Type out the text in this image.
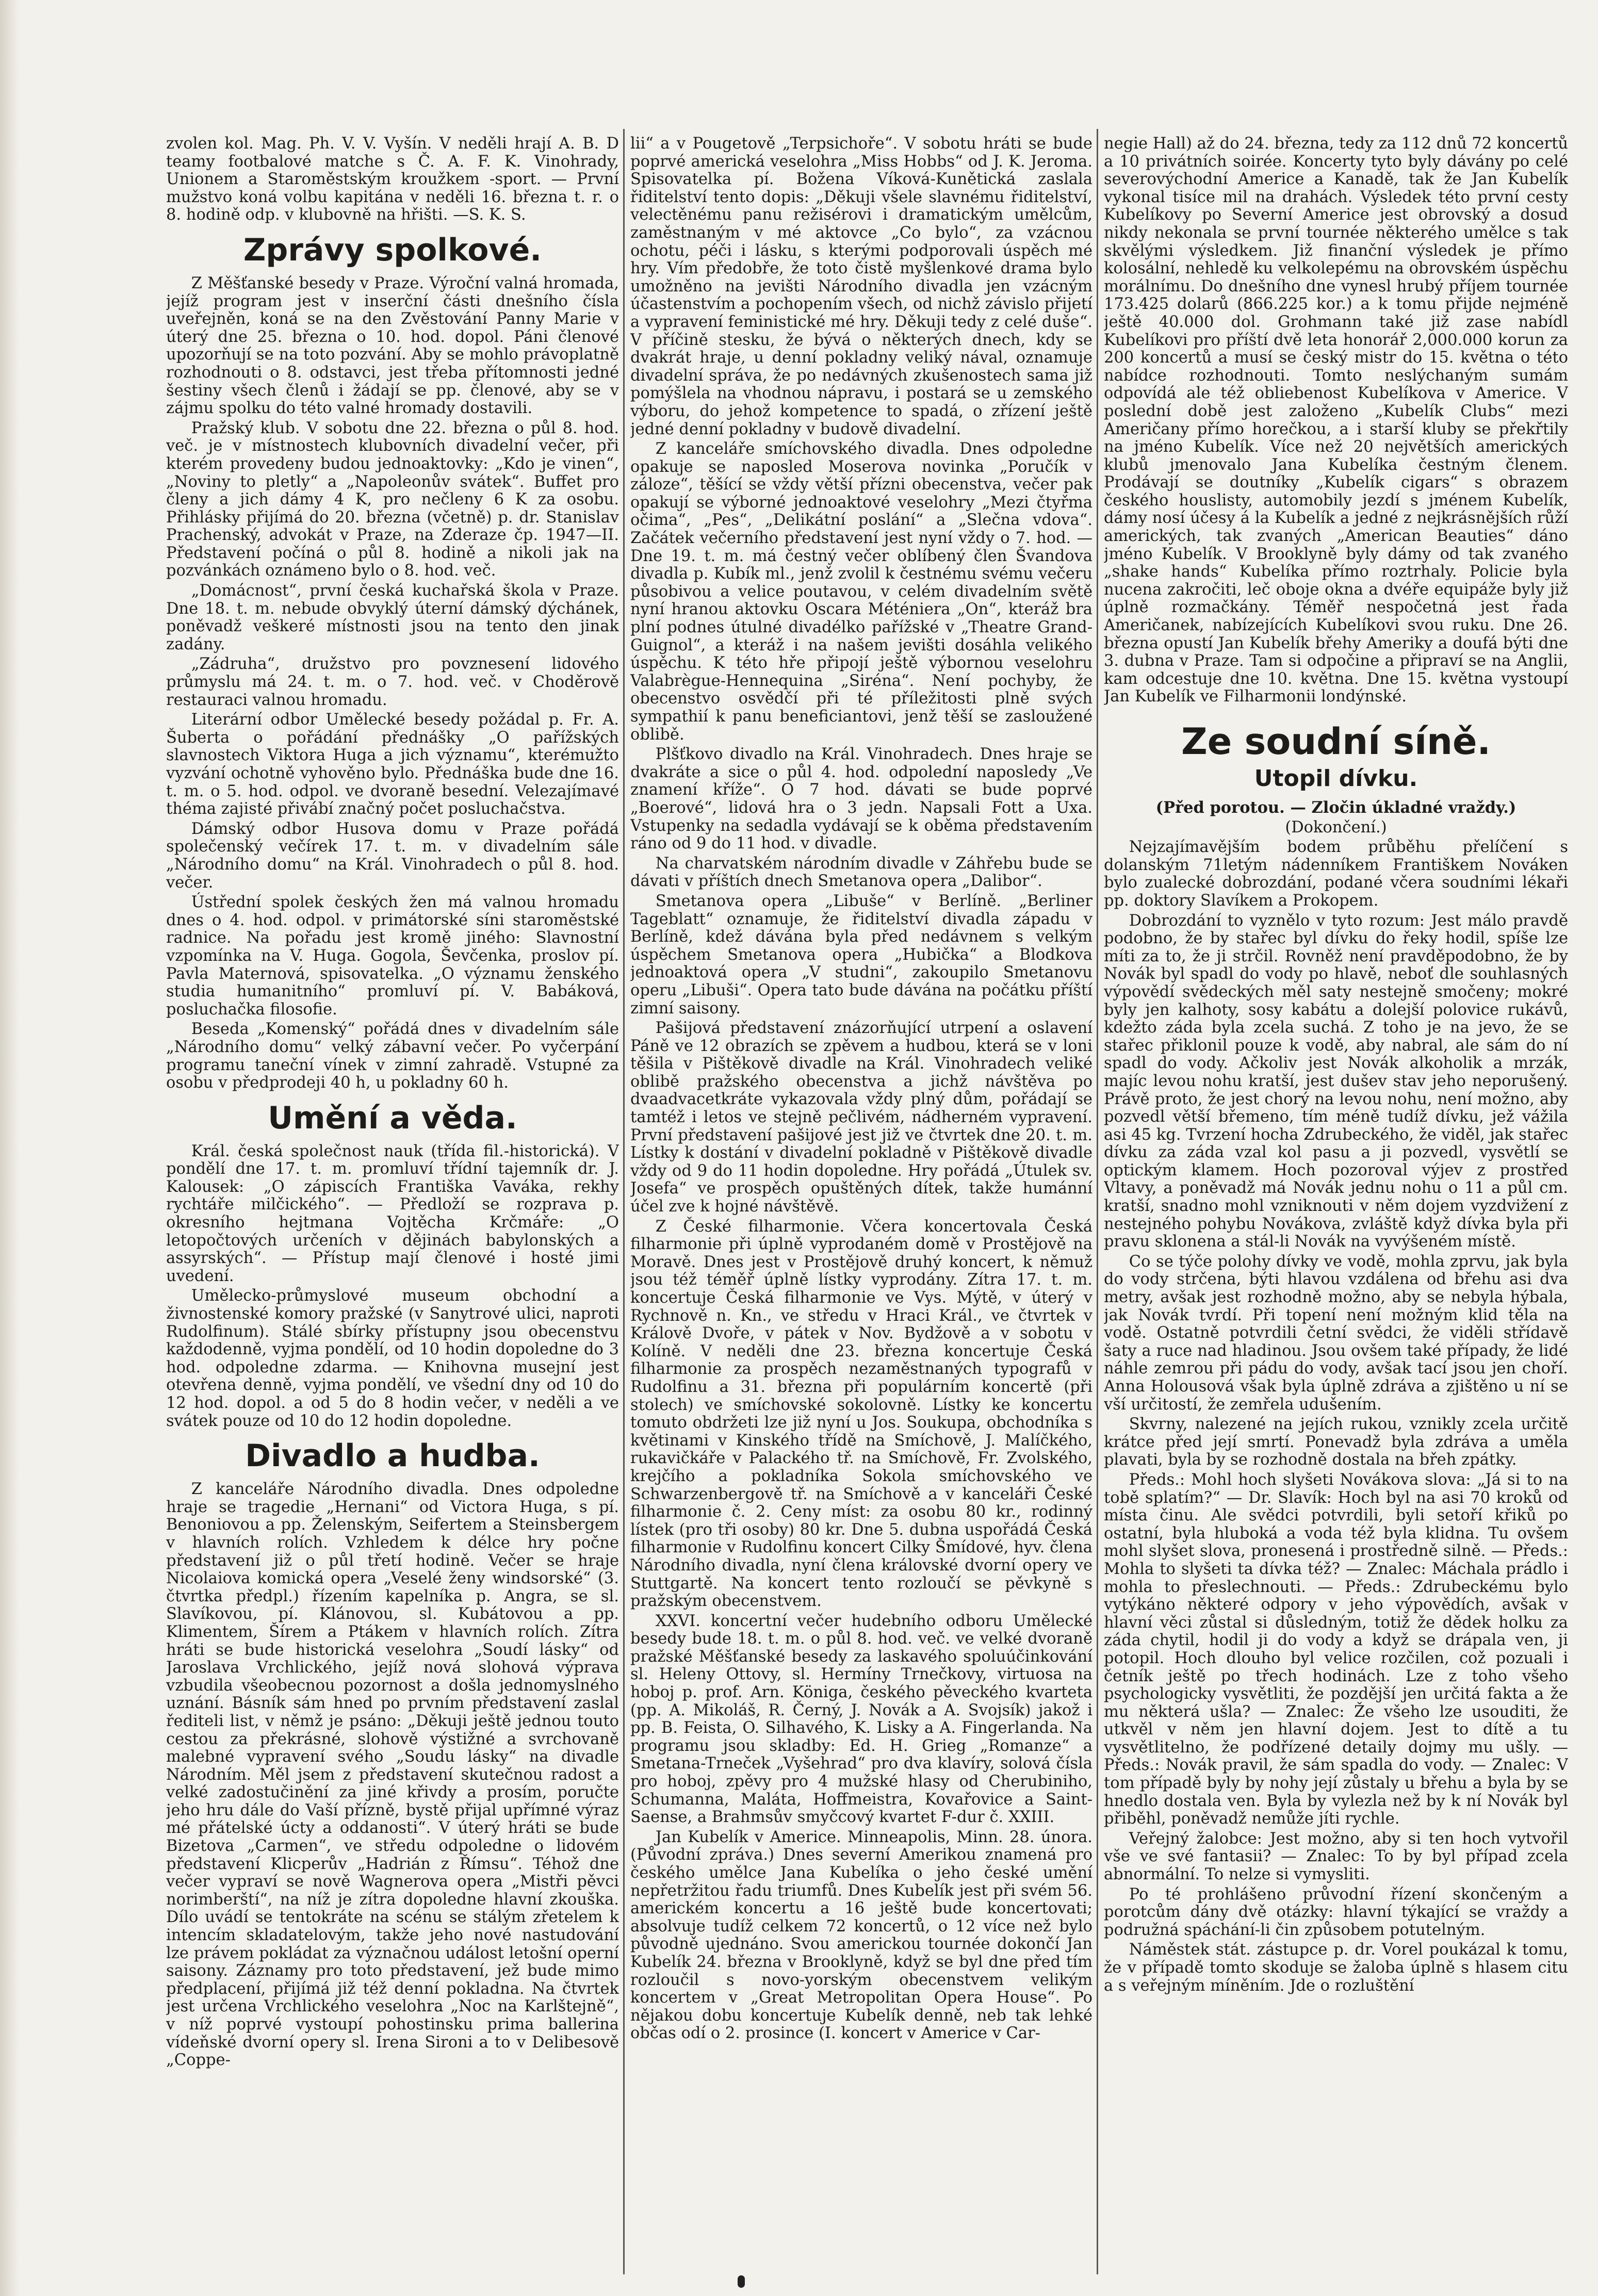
zvolen kol. Mag. Ph. V. V. Vyšín. V neděli hrají A. B. D teamy footbalové matche s Č. A. F. K. Vinohrady, Unionem a Staroměstským kroužkem -sport. — První mužstvo koná volbu kapitána v neděli 16. března t. r. o 8. hodině odp. v klubovně na hřišti. —S. K. S.

Zprávy spolkové.

Z Měšťanské besedy v Praze. Výroční valná hromada, jejíž program jest v inserční části dnešního čísla uveřejněn, koná se na den Zvěstování Panny Marie v úterý dne 25. března o 10. hod. dopol. Páni členové upozorňují se na toto pozvání. Aby se mohlo právoplatně rozhodnouti o 8. odstavci, jest třeba přítomnosti jedné šestiny všech členů i žádají se pp. členové, aby se v zájmu spolku do této valné hromady dostavili.

Pražský klub. V sobotu dne 22. března o půl 8. hod. več. je v místnostech klubovních divadelní večer, při kterém provedeny budou jednoaktovky: „Kdo je vinen“, „Noviny to pletly“ a „Napoleonův svátek“. Buffet pro členy a jich dámy 4 K, pro nečleny 6 K za osobu. Přihlásky přijímá do 20. března (včetně) p. dr. Stanislav Prachenský, advokát v Praze, na Zderaze čp. 1947—II. Představení počíná o půl 8. hodině a nikoli jak na pozvánkách oznámeno bylo o 8. hod. več.

„Domácnost“, první česká kuchařská škola v Praze. Dne 18. t. m. nebude obvyklý úterní dámský dýchánek, poněvadž veškeré místnosti jsou na tento den jinak zadány.

„Zádruha“, družstvo pro povznesení lidového průmyslu má 24. t. m. o 7. hod. več. v Choděrově restauraci valnou hromadu.

Literární odbor Umělecké besedy požádal p. Fr. A. Šuberta o pořádání přednášky „O pařížských slavnostech Viktora Huga a jich významu“, kterémužto vyzvání ochotně vyhověno bylo. Přednáška bude dne 16. t. m. o 5. hod. odpol. ve dvoraně besední. Velezajímavé théma zajisté přivábí značný počet posluchačstva.

Dámský odbor Husova domu v Praze pořádá společenský večírek 17. t. m. v divadelním sále „Národního domu“ na Král. Vinohradech o půl 8. hod. večer.

Ústřední spolek českých žen má valnou hromadu dnes o 4. hod. odpol. v primátorské síni staroměstské radnice. Na pořadu jest kromě jiného: Slavnostní vzpomínka na V. Huga. Gogola, Ševčenka, proslov pí. Pavla Maternová, spisovatelka. „O významu ženského studia humanitního“ promluví pí. V. Babáková, posluchačka filosofie.

Beseda „Komenský“ pořádá dnes v divadelním sále „Národního domu“ velký zábavní večer. Po vyčerpání programu taneční vínek v zimní zahradě. Vstupné za osobu v předprodeji 40 h, u pokladny 60 h.

Umění a věda.

Král. česká společnost nauk (třída fil.-historická). V pondělí dne 17. t. m. promluví třídní tajemník dr. J. Kalousek: „O zápiscích Františka Vaváka, rekhy rychtáře milčického“. — Předloží se rozprava p. okresního hejtmana Vojtěcha Krčmáře: „O letopočtových určeních v dějinách babylonských a assyrských“. — Přístup mají členové i hosté jimi uvedení.

Umělecko-průmyslové museum obchodní a živnostenské komory pražské (v Sanytrové ulici, naproti Rudolfinum). Stálé sbírky přístupny jsou obecenstvu každodenně, vyjma pondělí, od 10 hodin dopoledne do 3 hod. odpoledne zdarma. — Knihovna musejní jest otevřena denně, vyjma pondělí, ve všední dny od 10 do 12 hod. dopol. a od 5 do 8 hodin večer, v neděli a ve svátek pouze od 10 do 12 hodin dopoledne.

Divadlo a hudba.

Z kanceláře Národního divadla. Dnes odpoledne hraje se tragedie „Hernani“ od Victora Huga, s pí. Benoniovou a pp. Želenským, Seifertem a Steinsbergem v hlavních rolích. Vzhledem k délce hry počne představení již o půl třetí hodině. Večer se hraje Nicolaiova komická opera „Veselé ženy windsorské“ (3. čtvrtka předpl.) řízením kapelníka p. Angra, se sl. Slavíkovou, pí. Klánovou, sl. Kubátovou a pp. Klimentem, Šírem a Ptákem v hlavních rolích. Zítra hráti se bude historická veselohra „Soudí lásky“ od Jaroslava Vrchlického, jejíž nová slohová výprava vzbudila všeobecnou pozornost a došla jednomyslného uznání. Básník sám hned po prvním představení zaslal řediteli list, v němž je psáno: „Děkuji ještě jednou touto cestou za překrásné, slohově výstižné a svrchovaně malebné vypravení svého „Soudu lásky“ na divadle Národním. Měl jsem z představení skutečnou radost a velké zadostučinění za jiné křivdy a prosím, poručte jeho hru dále do Vaší přízně, bystě přijal upřímné výraz mé přátelské úcty a oddanosti“. V úterý hráti se bude Bizetova „Carmen“, ve středu odpoledne o lidovém představení Klicperův „Hadrián z Římsu“. Téhož dne večer vypraví se nově Wagnerova opera „Mistři pěvci norimberští“, na níž je zítra dopoledne hlavní zkouška. Dílo uvádí se tentokráte na scénu se stálým zřetelem k intencím skladatelovým, takže jeho nové nastudování lze právem pokládat za význačnou událost letošní operní saisony. Záznamy pro toto představení, jež bude mimo předplacení, přijímá již též denní pokladna. Na čtvrtek jest určena Vrchlického veselohra „Noc na Karlštejně“, v níž poprvé vystoupí pohostinsku prima ballerina vídeňské dvorní opery sl. Irena Sironi a to v Delibesově „Coppe-

lii“ a v Pougetově „Terpsichoře“. V sobotu hráti se bude poprvé americká veselohra „Miss Hobbs“ od J. K. Jeroma. Spisovatelka pí. Božena Víková-Kunětická zaslala řiditelství tento dopis: „Děkuji všele slavnému řiditelství, velectěnému panu režisérovi i dramatickým umělcům, zaměstnaným v mé aktovce „Co bylo“, za vzácnou ochotu, péči i lásku, s kterými podporovali úspěch mé hry. Vím předobře, že toto čistě myšlenkové drama bylo umožněno na jevišti Národního divadla jen vzácným účastenstvím a pochopením všech, od nichž závislo přijetí a vypravení feministické mé hry. Děkuji tedy z celé duše“. V příčině stesku, že bývá o některých dnech, kdy se dvakrát hraje, u denní pokladny veliký nával, oznamuje divadelní správa, že po nedávných zkušenostech sama již pomýšlela na vhodnou nápravu, i postará se u zemského výboru, do jehož kompetence to spadá, o zřízení ještě jedné denní pokladny v budově divadelní.

Z kanceláře smíchovského divadla. Dnes odpoledne opakuje se naposled Moserova novinka „Poručík v záloze“, těšící se vždy větší přízni obecenstva, večer pak opakují se výborné jednoaktové veselohry „Mezi čtyřma očima“, „Pes“, „Delikátní poslání“ a „Slečna vdova“. Začátek večerního představení jest nyní vždy o 7. hod. — Dne 19. t. m. má čestný večer oblíbený člen Švandova divadla p. Kubík ml., jenž zvolil k čestnému svému večeru působivou a velice poutavou, v celém divadelním světě nyní hranou aktovku Oscara Météniera „On“, kteráž bra plní podnes útulné divadélko pařížské v „Theatre Grand-Guignol“, a kteráž i na našem jevišti dosáhla velikého úspěchu. K této hře připojí ještě výbornou veselohru Valabrègue-Hennequina „Siréna“. Není pochyby, že obecenstvo osvědčí při té příležitosti plně svých sympathií k panu beneficiantovi, jenž těší se zasloužené oblibě.

Plšťkovo divadlo na Král. Vinohradech. Dnes hraje se dvakráte a sice o půl 4. hod. odpolední naposledy „Ve znamení kříže“. O 7 hod. dávati se bude poprvé „Boerové“, lidová hra o 3 jedn. Napsali Fott a Uxa. Vstupenky na sedadla vydávají se k oběma představením ráno od 9 do 11 hod. v divadle.

Na charvatském národním divadle v Záhřebu bude se dávati v příštích dnech Smetanova opera „Dalibor“.

Smetanova opera „Libuše“ v Berlíně. „Berliner Tageblatt“ oznamuje, že řiditelství divadla západu v Berlíně, kdež dávána byla před nedávnem s velkým úspěchem Smetanova opera „Hubička“ a Blodkova jednoaktová opera „V studni“, zakoupilo Smetanovu operu „Libuši“. Opera tato bude dávána na počátku příští zimní saisony.

Pašijová představení znázorňující utrpení a oslavení Páně ve 12 obrazích se zpěvem a hudbou, která se v loni těšila v Pištěkově divadle na Král. Vinohradech veliké oblibě pražského obecenstva a jichž návštěva po dvaadvacetkráte vykazovala vždy plný dům, pořádají se tamtéž i letos ve stejně pečlivém, nádherném vypravení. První představení pašijové jest již ve čtvrtek dne 20. t. m. Lístky k dostání v divadelní pokladně v Pištěkově divadle vždy od 9 do 11 hodin dopoledne. Hry pořádá „Útulek sv. Josefa“ ve prospěch opuštěných dítek, takže humánní účel zve k hojné návštěvě.

Z České filharmonie. Včera koncertovala Česká filharmonie při úplně vyprodaném domě v Prostějově na Moravě. Dnes jest v Prostějově druhý koncert, k němuž jsou též téměř úplně lístky vyprodány. Zítra 17. t. m. koncertuje Česká filharmonie ve Vys. Mýtě, v úterý v Rychnově n. Kn., ve středu v Hraci Král., ve čtvrtek v Králově Dvoře, v pátek v Nov. Bydžově a v sobotu v Kolíně. V neděli dne 23. března koncertuje Česká filharmonie za prospěch nezaměstnaných typografů v Rudolfinu a 31. března při populárním koncertě (při stolech) ve smíchovské sokolovně. Lístky ke koncertu tomuto obdržeti lze již nyní u Jos. Soukupa, obchodníka s květinami v Kinského třídě na Smíchově, J. Malíčkého, rukavičkáře v Palackého tř. na Smíchově, Fr. Zvolského, krejčího a pokladníka Sokola smíchovského ve Schwarzenbergově tř. na Smíchově a v kanceláři České filharmonie č. 2. Ceny míst: za osobu 80 kr., rodinný lístek (pro tři osoby) 80 kr. Dne 5. dubna uspořádá Česká filharmonie v Rudolfinu koncert Cilky Šmídové, hyv. člena Národního divadla, nyní člena královské dvorní opery ve Stuttgartě. Na koncert tento rozloučí se pěvkyně s pražským obecenstvem.

XXVI. koncertní večer hudebního odboru Umělecké besedy bude 18. t. m. o půl 8. hod. več. ve velké dvoraně pražské Měšťanské besedy za laskavého spoluúčinkování sl. Heleny Ottovy, sl. Hermíny Trnečkovy, virtuosa na hoboj p. prof. Arn. Königa, českého pěveckého kvarteta (pp. A. Mikoláš, R. Černý, J. Novák a A. Svojsík) jakož i pp. B. Feista, O. Silhavého, K. Lisky a A. Fingerlanda. Na programu jsou skladby: Ed. H. Grieg „Romanze“ a Smetana-Trneček „Vyšehrad“ pro dva klavíry, solová čísla pro hoboj, zpěvy pro 4 mužské hlasy od Cherubiniho, Schumanna, Maláta, Hoffmeistra, Kovařovice a Saint-Saense, a Brahmsův smyčcový kvartet F-dur č. XXIII.

Jan Kubelík v Americe. Minneapolis, Minn. 28. února. (Původní zpráva.) Dnes severní Amerikou znamená pro českého umělce Jana Kubelíka o jeho české umění nepřetržitou řadu triumfů. Dnes Kubelík jest při svém 56. americkém koncertu a 16 ještě bude koncertovati; absolvuje tudíž celkem 72 koncertů, o 12 více než bylo původně ujednáno. Svou americkou tournée dokončí Jan Kubelík 24. března v Brooklyně, když se byl dne před tím rozloučil s novo-yorským obecenstvem velikým koncertem v „Great Metropolitan Opera House“. Po nějakou dobu koncertuje Kubelík denně, neb tak lehké občas odí o 2. prosince (I. koncert v Americe v Car-

negie Hall) až do 24. března, tedy za 112 dnů 72 koncertů a 10 privátních soirée. Koncerty tyto byly dávány po celé severovýchodní Americe a Kanadě, tak že Jan Kubelík vykonal tisíce mil na drahách. Výsledek této první cesty Kubelíkovy po Severní Americe jest obrovský a dosud nikdy nekonala se první tournée některého umělce s tak skvělými výsledkem. Již finanční výsledek je přímo kolosální, nehledě ku velkolepému na obrovském úspěchu morálnímu. Do dnešního dne vynesl hrubý příjem tournée 173.425 dolarů (866.225 kor.) a k tomu přijde nejméně ještě 40.000 dol. Grohmann také již zase nabídl Kubelíkovi pro příští dvě leta honorář 2,000.000 korun za 200 koncertů a musí se český mistr do 15. května o této nabídce rozhodnouti. Tomto neslýchaným sumám odpovídá ale též obliebenost Kubelíkova v Americe. V poslední době jest založeno „Kubelík Clubs“ mezi Američany přímo horečkou, a i starší kluby se překřtily na jméno Kubelík. Více než 20 největších amerických klubů jmenovalo Jana Kubelíka čestným členem. Prodávají se doutníky „Kubelík cigars“ s obrazem českého houslisty, automobily jezdí s jménem Kubelík, dámy nosí účesy á la Kubelík a jedné z nejkrásnějších růží amerických, tak zvaných „American Beauties“ dáno jméno Kubelík. V Brooklyně byly dámy od tak zvaného „shake hands“ Kubelíka přímo roztrhaly. Policie byla nucena zakročiti, leč oboje okna a dvéře equipáže byly již úplně rozmačkány. Téměř nespočetná jest řada Američanek, nabízejících Kubelíkovi svou ruku. Dne 26. března opustí Jan Kubelík břehy Ameriky a doufá býti dne 3. dubna v Praze. Tam si odpočine a připraví se na Anglii, kam odcestuje dne 10. května. Dne 15. května vystoupí Jan Kubelík ve Filharmonii londýnské.

Ze soudní síně.
Utopil dívku.

(Před porotou. — Zločin úkladné vraždy.)

(Dokončení.)

Nejzajímavějším bodem průběhu přelíčení s dolanským 71letým nádenníkem Františkem Nováken bylo zualecké dobrozdání, podané včera soudními lékaři pp. doktory Slavíkem a Prokopem.

Dobrozdání to vyznělo v tyto rozum: Jest málo pravdě podobno, že by stařec byl dívku do řeky hodil, spíše lze míti za to, že ji strčil. Rovněž není pravděpodobno, že by Novák byl spadl do vody po hlavě, neboť dle souhlasných výpovědí svědeckých měl saty nestejně smočeny; mokré byly jen kalhoty, sosy kabátu a dolejší polovice rukávů, kdežto záda byla zcela suchá. Z toho je na jevo, že se stařec přiklonil pouze k vodě, aby nabral, ale sám do ní spadl do vody. Ačkoliv jest Novák alkoholik a mrzák, majíc levou nohu kratší, jest dušev stav jeho neporušený. Právě proto, že jest chorý na levou nohu, není možno, aby pozvedl větší břemeno, tím méně tudíž dívku, jež vážila asi 45 kg. Tvrzení hocha Zdrubeckého, že viděl, jak stařec dívku za záda vzal kol pasu a ji pozvedl, vysvětlí se optickým klamem. Hoch pozoroval výjev z prostřed Vltavy, a poněvadž má Novák jednu nohu o 11 a půl cm. kratší, snadno mohl vzniknouti v něm dojem vyzdvižení z nestejného pohybu Novákova, zvláště když dívka byla při pravu sklonena a stál-li Novák na vyvýšeném místě.

Co se týče polohy dívky ve vodě, mohla zprvu, jak byla do vody strčena, býti hlavou vzdálena od břehu asi dva metry, avšak jest rozhodně možno, aby se nebyla hýbala, jak Novák tvrdí. Při topení není možným klid těla na vodě. Ostatně potvrdili četní svědci, že viděli střídavě šaty a ruce nad hladinou. Jsou ovšem také případy, že lidé náhle zemrou při pádu do vody, avšak tací jsou jen choří. Anna Holousová však byla úplně zdráva a zjištěno u ní se vší určitostí, že zemřela udušením.

Skvrny, nalezené na jejích rukou, vznikly zcela určitě krátce před její smrtí. Ponevadž byla zdráva a uměla plavati, byla by se rozhodně dostala na břeh zpátky.

Předs.: Mohl hoch slyšeti Novákova slova: „Já si to na tobě splatím?“ — Dr. Slavík: Hoch byl na asi 70 kroků od místa činu. Ale svědci potvrdili, byli setoří křiků po ostatní, byla hluboká a voda též byla klidna. Tu ovšem mohl slyšet slova, pronesená i prostředně silně. — Předs.: Mohla to slyšeti ta dívka též? — Znalec: Máchala prádlo i mohla to přeslechnouti. — Předs.: Zdrubeckému bylo vytýkáno některé odpory v jeho výpovědích, avšak v hlavní věci zůstal si důsledným, totiž že dědek holku za záda chytil, hodil ji do vody a když se drápala ven, ji potopil. Hoch dlouho byl velice rozčilen, což pozuali i četník ještě po třech hodinách. Lze z toho všeho psychologicky vysvětliti, že pozdější jen určitá fakta a že mu některá ušla? — Znalec: Že všeho lze usouditi, že utkvěl v něm jen hlavní dojem. Jest to dítě a tu vysvětlitelno, že podřízené detaily dojmy mu ušly. — Předs.: Novák pravil, že sám spadla do vody. — Znalec: V tom případě byly by nohy její zůstaly u břehu a byla by se hnedlo dostala ven. Byla by vylezla než by k ní Novák byl přiběhl, poněvadž nemůže jíti rychle.

Veřejný žalobce: Jest možno, aby si ten hoch vytvořil vše ve své fantasii? — Znalec: To by byl případ zcela abnormální. To nelze si vymysliti.

Po té prohlášeno průvodní řízení skončeným a porotcům dány dvě otázky: hlavní týkající se vraždy a podružná spáchání-li čin způsobem potutelným.

Náměstek stát. zástupce p. dr. Vorel poukázal k tomu, že v případě tomto skoduje se žaloba úplně s hlasem citu a s veřejným míněním. Jde o rozluštění
